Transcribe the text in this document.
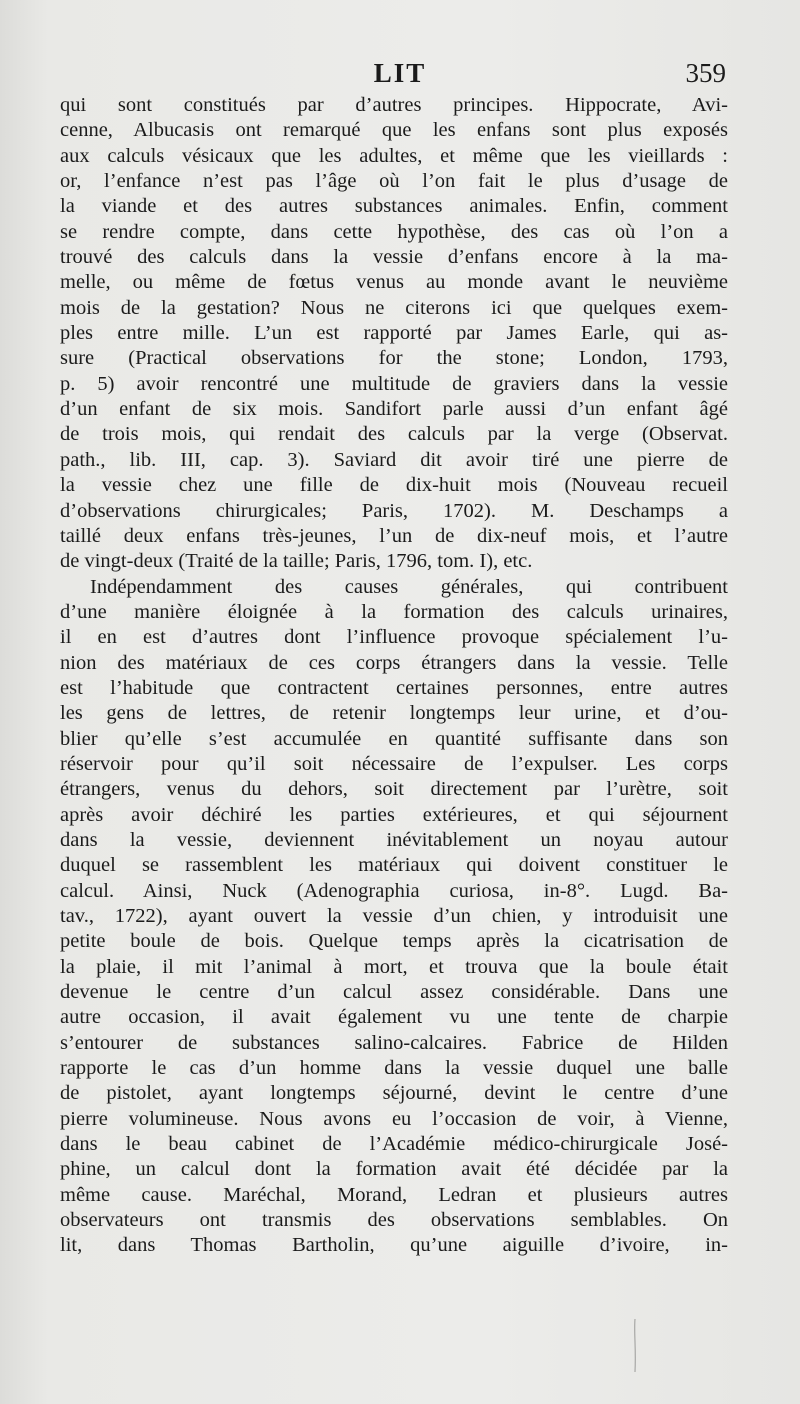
LIT	359
qui sont constitués par d’autres principes. Hippocrate, Avi-
cenne, Albucasis ont remarqué que les enfans sont plus exposés
aux calculs vésicaux que les adultes, et même que les vieillards :
or, l’enfance n’est pas l’âge où l’on fait le plus d’usage de
la viande et des autres substances animales. Enfin, comment
se rendre compte, dans cette hypothèse, des cas où l’on a
trouvé des calculs dans la vessie d’enfans encore à la ma-
melle, ou même de fœtus venus au monde avant le neuvième
mois de la gestation? Nous ne citerons ici que quelques exem-
ples entre mille. L’un est rapporté par James Earle, qui as-
sure (Practical observations for the stone; London, 1793,
p. 5) avoir rencontré une multitude de graviers dans la vessie
d’un enfant de six mois. Sandifort parle aussi d’un enfant âgé
de trois mois, qui rendait des calculs par la verge (Observat.
path., lib. III, cap. 3). Saviard dit avoir tiré une pierre de
la vessie chez une fille de dix-huit mois (Nouveau recueil
d’observations chirurgicales; Paris, 1702). M. Deschamps a
taillé deux enfans très-jeunes, l’un de dix-neuf mois, et l’autre
de vingt-deux (Traité de la taille; Paris, 1796, tom. I), etc.
Indépendamment des causes générales, qui contribuent
d’une manière éloignée à la formation des calculs urinaires,
il en est d’autres dont l’influence provoque spécialement l’u-
nion des matériaux de ces corps étrangers dans la vessie. Telle
est l’habitude que contractent certaines personnes, entre autres
les gens de lettres, de retenir longtemps leur urine, et d’ou-
blier qu’elle s’est accumulée en quantité suffisante dans son
réservoir pour qu’il soit nécessaire de l’expulser. Les corps
étrangers, venus du dehors, soit directement par l’urètre, soit
après avoir déchiré les parties extérieures, et qui séjournent
dans la vessie, deviennent inévitablement un noyau autour
duquel se rassemblent les matériaux qui doivent constituer le
calcul. Ainsi, Nuck (Adenographia curiosa, in-8°. Lugd. Ba-
tav., 1722), ayant ouvert la vessie d’un chien, y introduisit une
petite boule de bois. Quelque temps après la cicatrisation de
la plaie, il mit l’animal à mort, et trouva que la boule était
devenue le centre d’un calcul assez considérable. Dans une
autre occasion, il avait également vu une tente de charpie
s’entourer de substances salino-calcaires. Fabrice de Hilden
rapporte le cas d’un homme dans la vessie duquel une balle
de pistolet, ayant longtemps séjourné, devint le centre d’une
pierre volumineuse. Nous avons eu l’occasion de voir, à Vienne,
dans le beau cabinet de l’Académie médico-chirurgicale José-
phine, un calcul dont la formation avait été décidée par la
même cause. Maréchal, Morand, Ledran et plusieurs autres
observateurs ont transmis des observations semblables. On
lit, dans Thomas Bartholin, qu’une aiguille d’ivoire, in-
